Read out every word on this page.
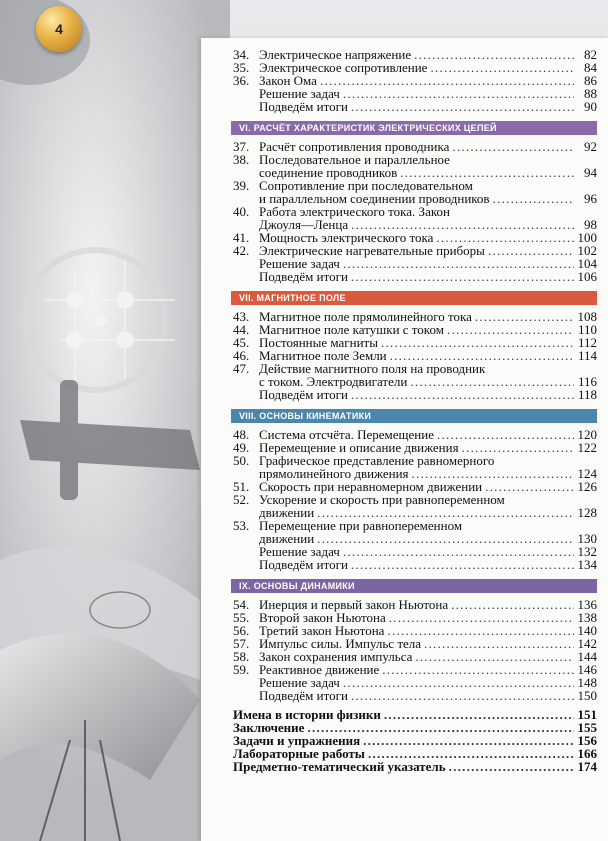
4
34. Электрическое напряжение . . .	82
35. Электрическое сопротивление . . .	84
36. Закон Ома . . .	86
Решение задач . . .	88
Подведём итоги . . .	90
VI. РАСЧЁТ ХАРАКТЕРИСТИК ЭЛЕКТРИЧЕСКИХ ЦЕПЕЙ
37. Расчёт сопротивления проводника . . .	92
38. Последовательное и параллельное
соединение проводников . . .	94
39. Сопротивление при последовательном
и параллельном соединении проводников . . .	96
40. Работа электрического тока. Закон
Джоуля—Ленца . . .	98
41. Мощность электрического тока . . .	100
42. Электрические нагревательные приборы . . .	102
Решение задач . . .	104
Подведём итоги . . .	106
VII. МАГНИТНОЕ ПОЛЕ
43. Магнитное поле прямолинейного тока . . .	108
44. Магнитное поле катушки с током . . .	110
45. Постоянные магниты . . .	112
46. Магнитное поле Земли . . .	114
47. Действие магнитного поля на проводник
с током. Электродвигатели . . .	116
Подведём итоги . . .	118
VIII. ОСНОВЫ КИНЕМАТИКИ
48. Система отсчёта. Перемещение . . .	120
49. Перемещение и описание движения . . .	122
50. Графическое представление равномерного
прямолинейного движения . . .	124
51. Скорость при неравномерном движении . . .	126
52. Ускорение и скорость при равнопеременном
движении . . .	128
53. Перемещение при равнопеременном
движении . . .	130
Решение задач . . .	132
Подведём итоги . . .	134
IX. ОСНОВЫ ДИНАМИКИ
54. Инерция и первый закон Ньютона . . .	136
55. Второй закон Ньютона . . .	138
56. Третий закон Ньютона . . .	140
57. Импульс силы. Импульс тела . . .	142
58. Закон сохранения импульса . . .	144
59. Реактивное движение . . .	146
Решение задач . . .	148
Подведём итоги . . .	150
Имена в истории физики . . .	151
Заключение . . .	155
Задачи и упражнения . . .	156
Лабораторные работы . . .	166
Предметно-тематический указатель . . .	174
